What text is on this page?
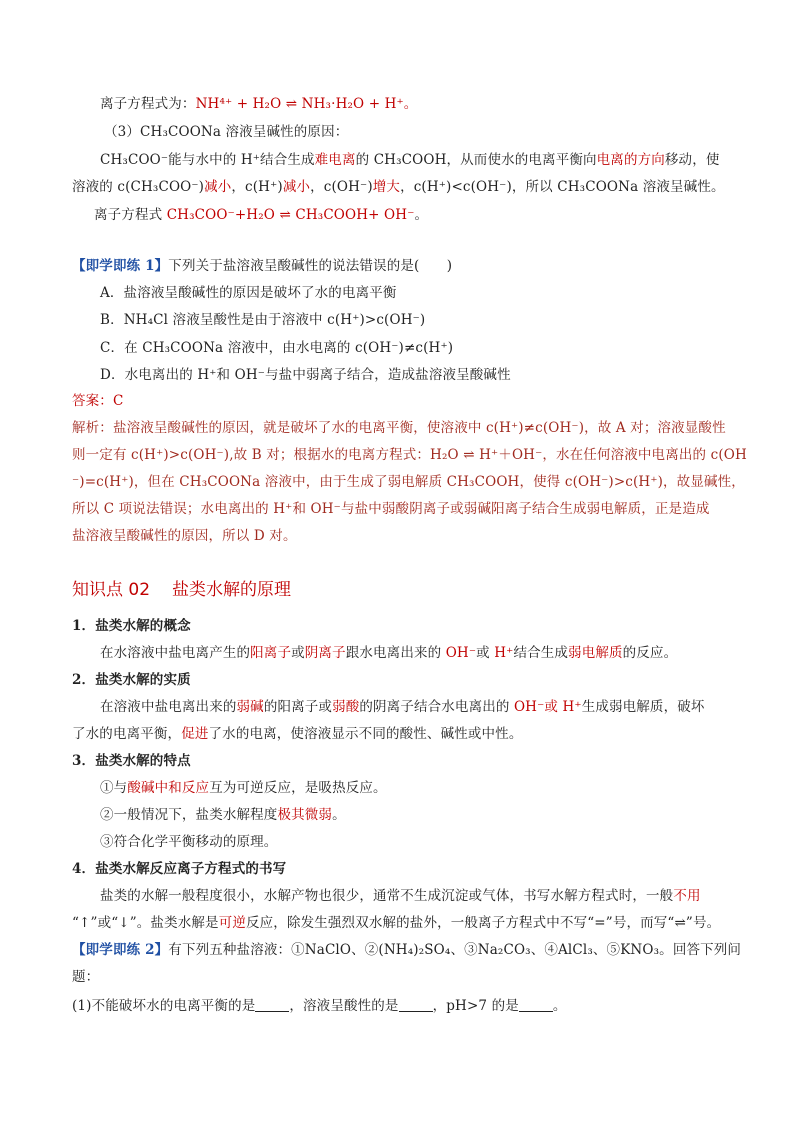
离子方程式为：NH⁴⁺ + H₂O ⇌ NH₃·H₂O + H⁺。
（3）CH₃COONa 溶液呈碱性的原因：
CH₃COO⁻能与水中的 H⁺结合生成难电离的 CH₃COOH，从而使水的电离平衡向电离的方向移动，使
溶液的 c(CH₃COO⁻)减小，c(H⁺)减小，c(OH⁻)增大，c(H⁺)<c(OH⁻)，所以 CH₃COONa 溶液呈碱性。
离子方程式 CH₃COO⁻+H₂O ⇌ CH₃COOH+ OH⁻。
【即学即练 1】下列关于盐溶液呈酸碱性的说法错误的是(　　)
A．盐溶液呈酸碱性的原因是破坏了水的电离平衡
B．NH₄Cl 溶液呈酸性是由于溶液中 c(H⁺)>c(OH⁻)
C．在 CH₃COONa 溶液中，由水电离的 c(OH⁻)≠c(H⁺)
D．水电离出的 H⁺和 OH⁻与盐中弱离子结合，造成盐溶液呈酸碱性
答案：C
解析：盐溶液呈酸碱性的原因，就是破坏了水的电离平衡，使溶液中 c(H⁺)≠c(OH⁻)，故 A 对；溶液显酸性
则一定有 c(H⁺)>c(OH⁻),故 B 对；根据水的电离方程式：H₂O ⇌ H⁺＋OH⁻，水在任何溶液中电离出的 c(OH
⁻)=c(H⁺)，但在 CH₃COONa 溶液中，由于生成了弱电解质 CH₃COOH，使得 c(OH⁻)>c(H⁺)，故显碱性，
所以 C 项说法错误；水电离出的 H⁺和 OH⁻与盐中弱酸阴离子或弱碱阳离子结合生成弱电解质，正是造成
盐溶液呈酸碱性的原因，所以 D 对。
知识点 02 盐类水解的原理
1．盐类水解的概念
在水溶液中盐电离产生的阳离子或阴离子跟水电离出来的 OH⁻或 H⁺结合生成弱电解质的反应。
2．盐类水解的实质
在溶液中盐电离出来的弱碱的阳离子或弱酸的阴离子结合水电离出的 OH⁻或 H⁺生成弱电解质，破坏
了水的电离平衡，促进了水的电离，使溶液显示不同的酸性、碱性或中性。
3．盐类水解的特点
①与酸碱中和反应互为可逆反应，是吸热反应。
②一般情况下，盐类水解程度极其微弱。
③符合化学平衡移动的原理。
4．盐类水解反应离子方程式的书写
盐类的水解一般程度很小，水解产物也很少，通常不生成沉淀或气体，书写水解方程式时，一般不用
“↑”或“↓”。盐类水解是可逆反应，除发生强烈双水解的盐外，一般离子方程式中不写“=”号，而写“⇌”号。
【即学即练 2】有下列五种盐溶液：①NaClO、②(NH₄)₂SO₄、③Na₂CO₃、④AlCl₃、⑤KNO₃。回答下列问
题：
(1)不能破坏水的电离平衡的是	，溶液呈酸性的是	，pH>7 的是	。
